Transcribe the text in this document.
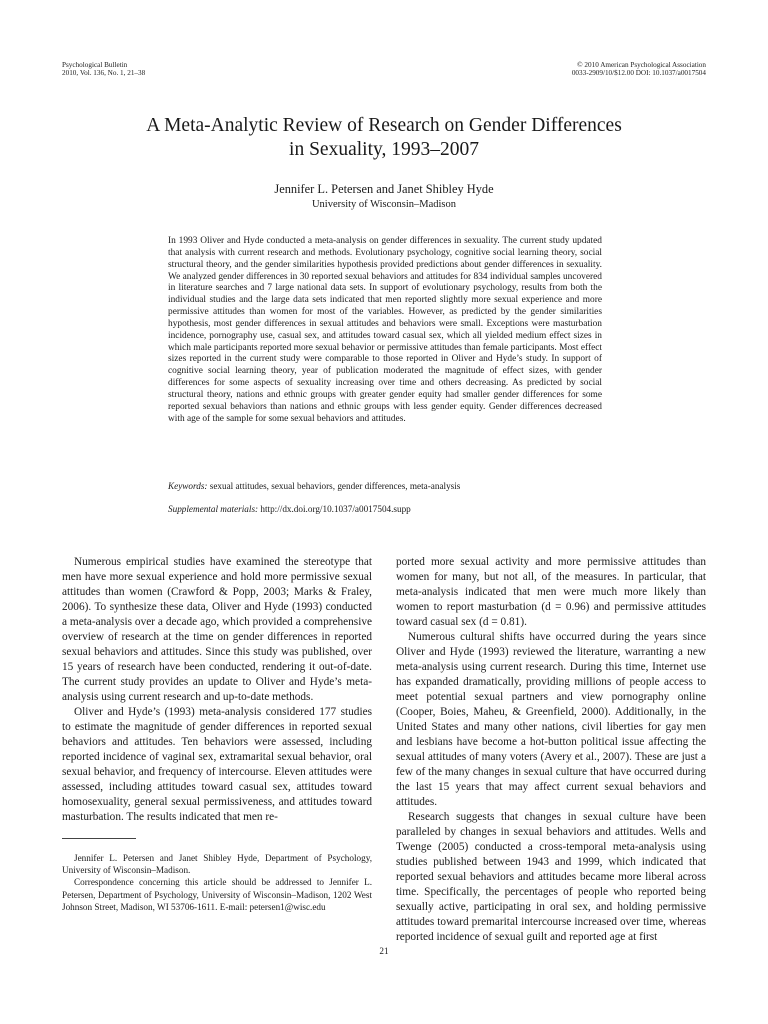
Psychological Bulletin
2010, Vol. 136, No. 1, 21–38
© 2010 American Psychological Association
0033-2909/10/$12.00 DOI: 10.1037/a0017504
A Meta-Analytic Review of Research on Gender Differences
in Sexuality, 1993–2007
Jennifer L. Petersen and Janet Shibley Hyde
University of Wisconsin–Madison

In 1993 Oliver and Hyde conducted a meta-analysis on gender differences in sexuality. The current study updated that analysis with current research and methods. Evolutionary psychology, cognitive social learning theory, social structural theory, and the gender similarities hypothesis provided predictions about gender differences in sexuality. We analyzed gender differences in 30 reported sexual behaviors and attitudes for 834 individual samples uncovered in literature searches and 7 large national data sets. In support of evolutionary psychology, results from both the individual studies and the large data sets indicated that men reported slightly more sexual experience and more permissive attitudes than women for most of the variables. However, as predicted by the gender similarities hypothesis, most gender differences in sexual attitudes and behaviors were small. Exceptions were masturbation incidence, pornography use, casual sex, and attitudes toward casual sex, which all yielded medium effect sizes in which male participants reported more sexual behavior or permissive attitudes than female participants. Most effect sizes reported in the current study were comparable to those reported in Oliver and Hyde’s study. In support of cognitive social learning theory, year of publication moderated the magnitude of effect sizes, with gender differences for some aspects of sexuality increasing over time and others decreasing. As predicted by social structural theory, nations and ethnic groups with greater gender equity had smaller gender differences for some reported sexual behaviors than nations and ethnic groups with less gender equity. Gender differences decreased with age of the sample for some sexual behaviors and attitudes.

Keywords: sexual attitudes, sexual behaviors, gender differences, meta-analysis
Supplemental materials: http://dx.doi.org/10.1037/a0017504.supp

Numerous empirical studies have examined the stereotype that men have more sexual experience and hold more permissive sexual attitudes than women (Crawford & Popp, 2003; Marks & Fraley, 2006). To synthesize these data, Oliver and Hyde (1993) conducted a meta-analysis over a decade ago, which provided a comprehensive overview of research at the time on gender differences in reported sexual behaviors and attitudes. Since this study was published, over 15 years of research have been conducted, rendering it out-of-date. The current study provides an update to Oliver and Hyde’s meta-analysis using current research and up-to-date methods.

Oliver and Hyde’s (1993) meta-analysis considered 177 studies to estimate the magnitude of gender differences in reported sexual behaviors and attitudes. Ten behaviors were assessed, including reported incidence of vaginal sex, extramarital sexual behavior, oral sexual behavior, and frequency of intercourse. Eleven attitudes were assessed, including attitudes toward casual sex, attitudes toward homosexuality, general sexual permissiveness, and attitudes toward masturbation. The results indicated that men re-

ported more sexual activity and more permissive attitudes than women for many, but not all, of the measures. In particular, that meta-analysis indicated that men were much more likely than women to report masturbation (d = 0.96) and permissive attitudes toward casual sex (d = 0.81).

Numerous cultural shifts have occurred during the years since Oliver and Hyde (1993) reviewed the literature, warranting a new meta-analysis using current research. During this time, Internet use has expanded dramatically, providing millions of people access to meet potential sexual partners and view pornography online (Cooper, Boies, Maheu, & Greenfield, 2000). Additionally, in the United States and many other nations, civil liberties for gay men and lesbians have become a hot-button political issue affecting the sexual attitudes of many voters (Avery et al., 2007). These are just a few of the many changes in sexual culture that have occurred during the last 15 years that may affect current sexual behaviors and attitudes.

Research suggests that changes in sexual culture have been paralleled by changes in sexual behaviors and attitudes. Wells and Twenge (2005) conducted a cross-temporal meta-analysis using studies published between 1943 and 1999, which indicated that reported sexual behaviors and attitudes became more liberal across time. Specifically, the percentages of people who reported being sexually active, participating in oral sex, and holding permissive attitudes toward premarital intercourse increased over time, whereas reported incidence of sexual guilt and reported age at first

Jennifer L. Petersen and Janet Shibley Hyde, Department of Psychology, University of Wisconsin–Madison.

Correspondence concerning this article should be addressed to Jennifer L. Petersen, Department of Psychology, University of Wisconsin–Madison, 1202 West Johnson Street, Madison, WI 53706-1611. E-mail: petersen1@wisc.edu

21
